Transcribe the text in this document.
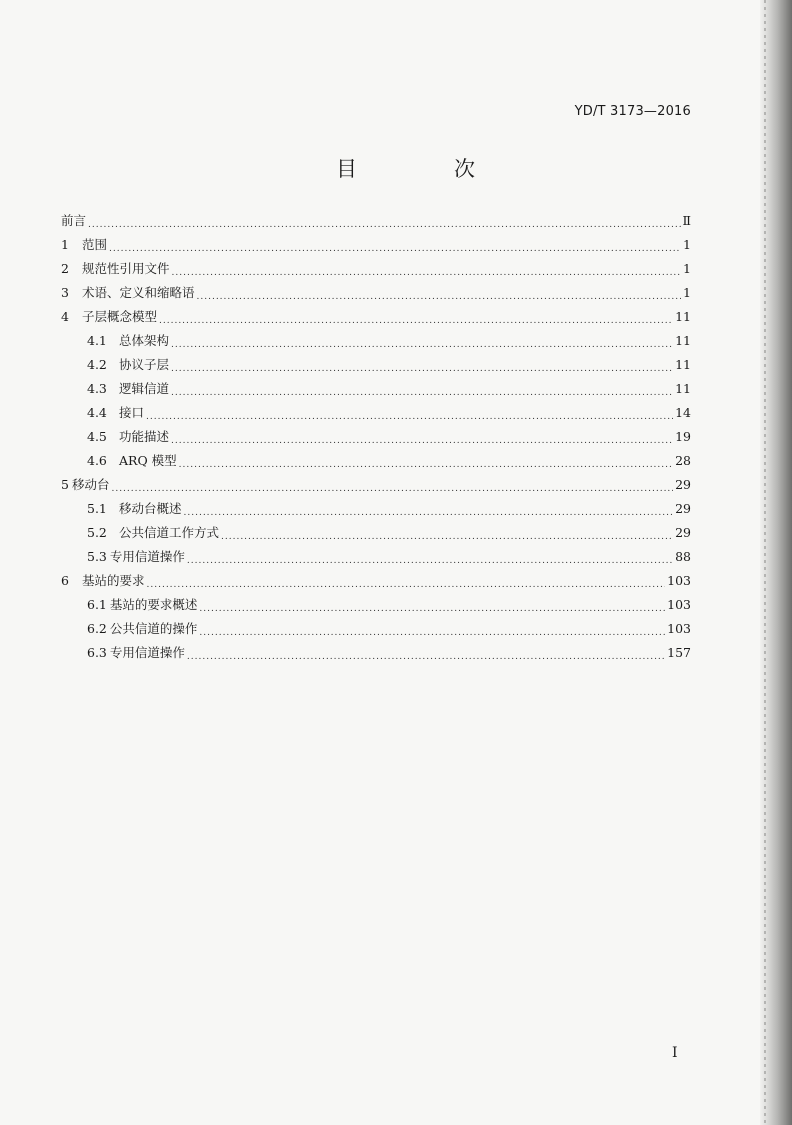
YD/T 3173—2016
目　次
前言 .....	Ⅱ
1	范围 .....	1
2	规范性引用文件 .....	1
3	术语、定义和缩略语 .....	1
4	子层概念模型 .....	11
4.1 总体架构 .....	11
4.2 协议子层 .....	11
4.3 逻辑信道 .....	11
4.4 接口 .....	14
4.5 功能描述 .....	19
4.6 ARQ 模型 .....	28
5 移动台 .....	29
5.1 移动台概述 .....	29
5.2 公共信道工作方式 .....	29
5.3 专用信道操作 .....	88
6	基站的要求 .....	103
6.1 基站的要求概述 .....	103
6.2 公共信道的操作 .....	103
6.3 专用信道操作 .....	157
I
